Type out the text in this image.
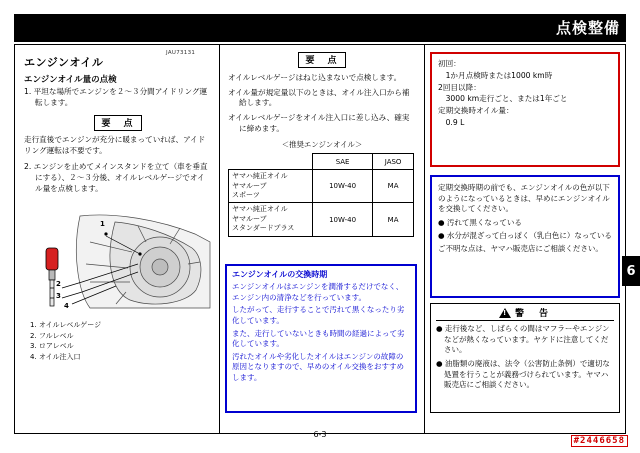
点検整備
JAU73131
エンジンオイル
エンジンオイル量の点検
1. 平坦な場所でエンジンを２～３分間アイドリング運転します。
要　点
走行直後でエンジンが充分に暖まっていれば、アイドリング運転は不要です。
2. エンジンを止めてメインスタンドを立て（車を垂直にする）、２～３分後、オイルレベルゲージでオイル量を点検します。
1
2
3
4
1. オイルレベルゲージ
2. フルレベル
3. ロアレベル
4. オイル注入口
要　点
オイルレベルゲージはねじ込まないで点検します。
オイル量が規定量以下のときは、オイル注入口から補給します。
オイルレベルゲージをオイル注入口に差し込み、確実に締めます。
＜推奨エンジンオイル＞
	SAE	JASO
ヤマハ純正オイル
ヤマルーブ
スポーツ	10W-40	MA
ヤマハ純正オイル
ヤマルーブ
スタンダードプラス	10W-40	MA
エンジンオイルの交換時期
エンジンオイルはエンジンを潤滑するだけでなく、エンジン内の清浄などを行っています。
したがって、走行することで汚れて黒くなったり劣化しています。
また、走行していないときも時間の経過によって劣化しています。
汚れたオイルや劣化したオイルはエンジンの故障の原因となりますので、早めのオイル交換をおすすめします。
初回：
　1か月点検時または1000 km時
2回目以降：
　3000 km走行ごと、または1年ごと
定期交換時オイル量：
　0.9 L
定期交換時期の前でも、エンジンオイルの色が以下のようになっているときは、早めにエンジンオイルを交換してください。
● 汚れて黒くなっている
● 水分が混ざって白っぽく（乳白色に）なっている
ご不明な点は、ヤマハ販売店にご相談ください。
!
警　告
● 走行後など、しばらくの間はマフラーやエンジンなどが熱くなっています。ヤケドに注意してください。
● 油脂類の廃液は、法令（公害防止条例）で適切な処置を行うことが義務づけられています。ヤマハ販売店にご相談ください。
6
6-3
#2446658
